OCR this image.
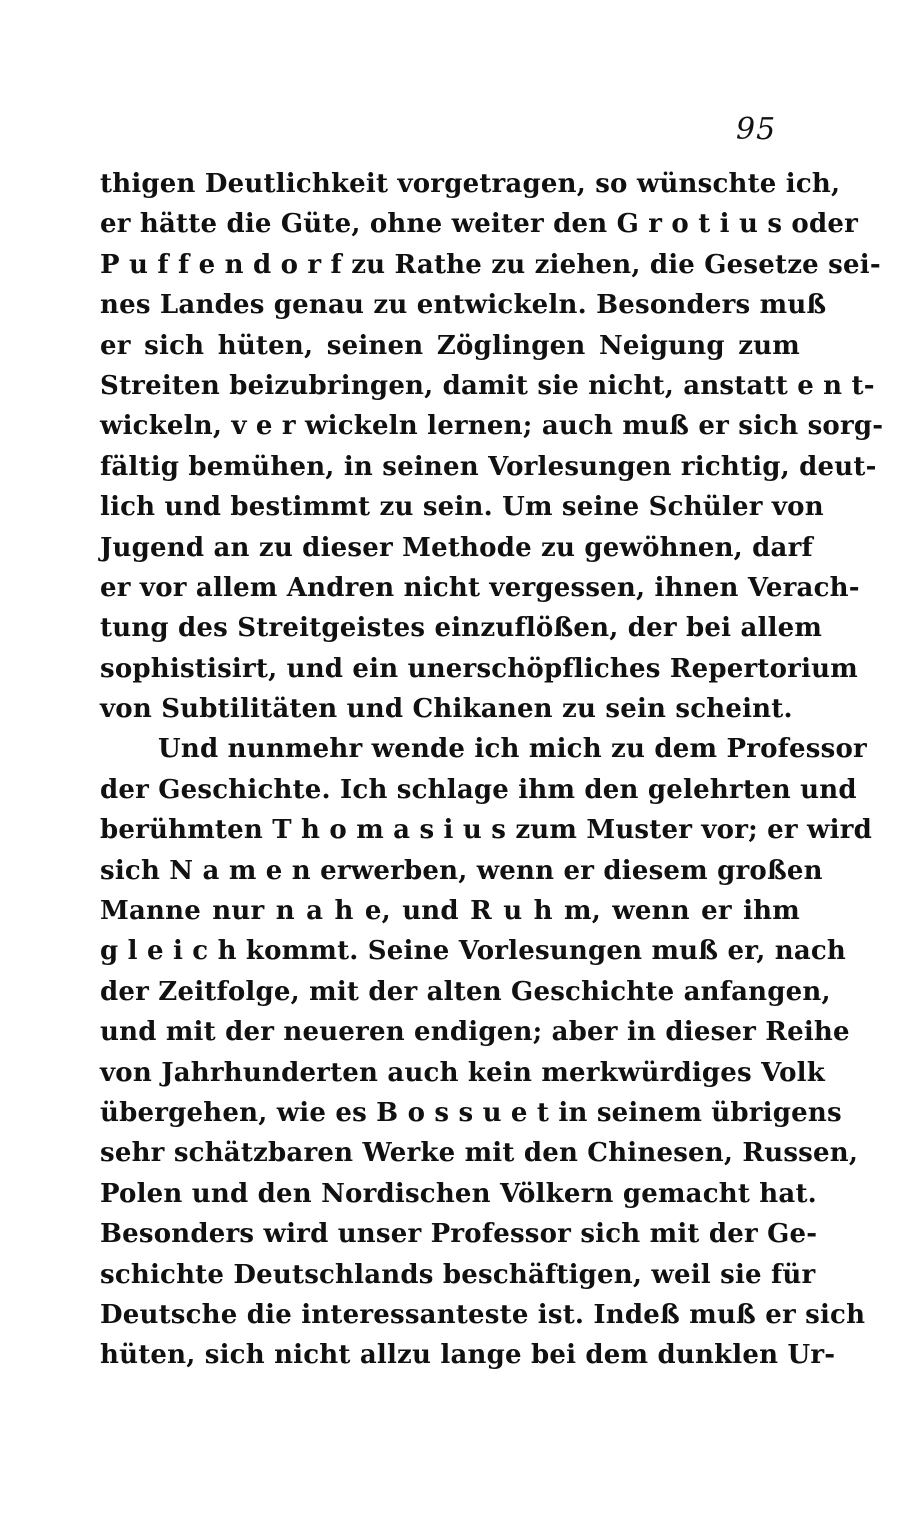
95
thigen Deutlichkeit vorgetragen, so wünschte ich,
er hätte die Güte, ohne weiter den G r o t i u s oder
P u f f e n d o r f zu Rathe zu ziehen, die Gesetze sei-
nes Landes genau zu entwickeln. Besonders muß
er sich hüten, seinen Zöglingen Neigung zum
Streiten beizubringen, damit sie nicht, anstatt e n t-
wickeln, v e r wickeln lernen; auch muß er sich sorg-
fältig bemühen, in seinen Vorlesungen richtig, deut-
lich und bestimmt zu sein. Um seine Schüler von
Jugend an zu dieser Methode zu gewöhnen, darf
er vor allem Andren nicht vergessen, ihnen Verach-
tung des Streitgeistes einzuflößen, der bei allem
sophistisirt, und ein unerschöpfliches Repertorium
von Subtilitäten und Chikanen zu sein scheint.
Und nunmehr wende ich mich zu dem Professor
der Geschichte. Ich schlage ihm den gelehrten und
berühmten T h o m a s i u s zum Muster vor; er wird
sich N a m e n erwerben, wenn er diesem großen
Manne nur n a h e, und R u h m, wenn er ihm
g l e i c h kommt. Seine Vorlesungen muß er, nach
der Zeitfolge, mit der alten Geschichte anfangen,
und mit der neueren endigen; aber in dieser Reihe
von Jahrhunderten auch kein merkwürdiges Volk
übergehen, wie es B o s s u e t in seinem übrigens
sehr schätzbaren Werke mit den Chinesen, Russen,
Polen und den Nordischen Völkern gemacht hat.
Besonders wird unser Professor sich mit der Ge-
schichte Deutschlands beschäftigen, weil sie für
Deutsche die interessanteste ist. Indeß muß er sich
hüten, sich nicht allzu lange bei dem dunklen Ur-
